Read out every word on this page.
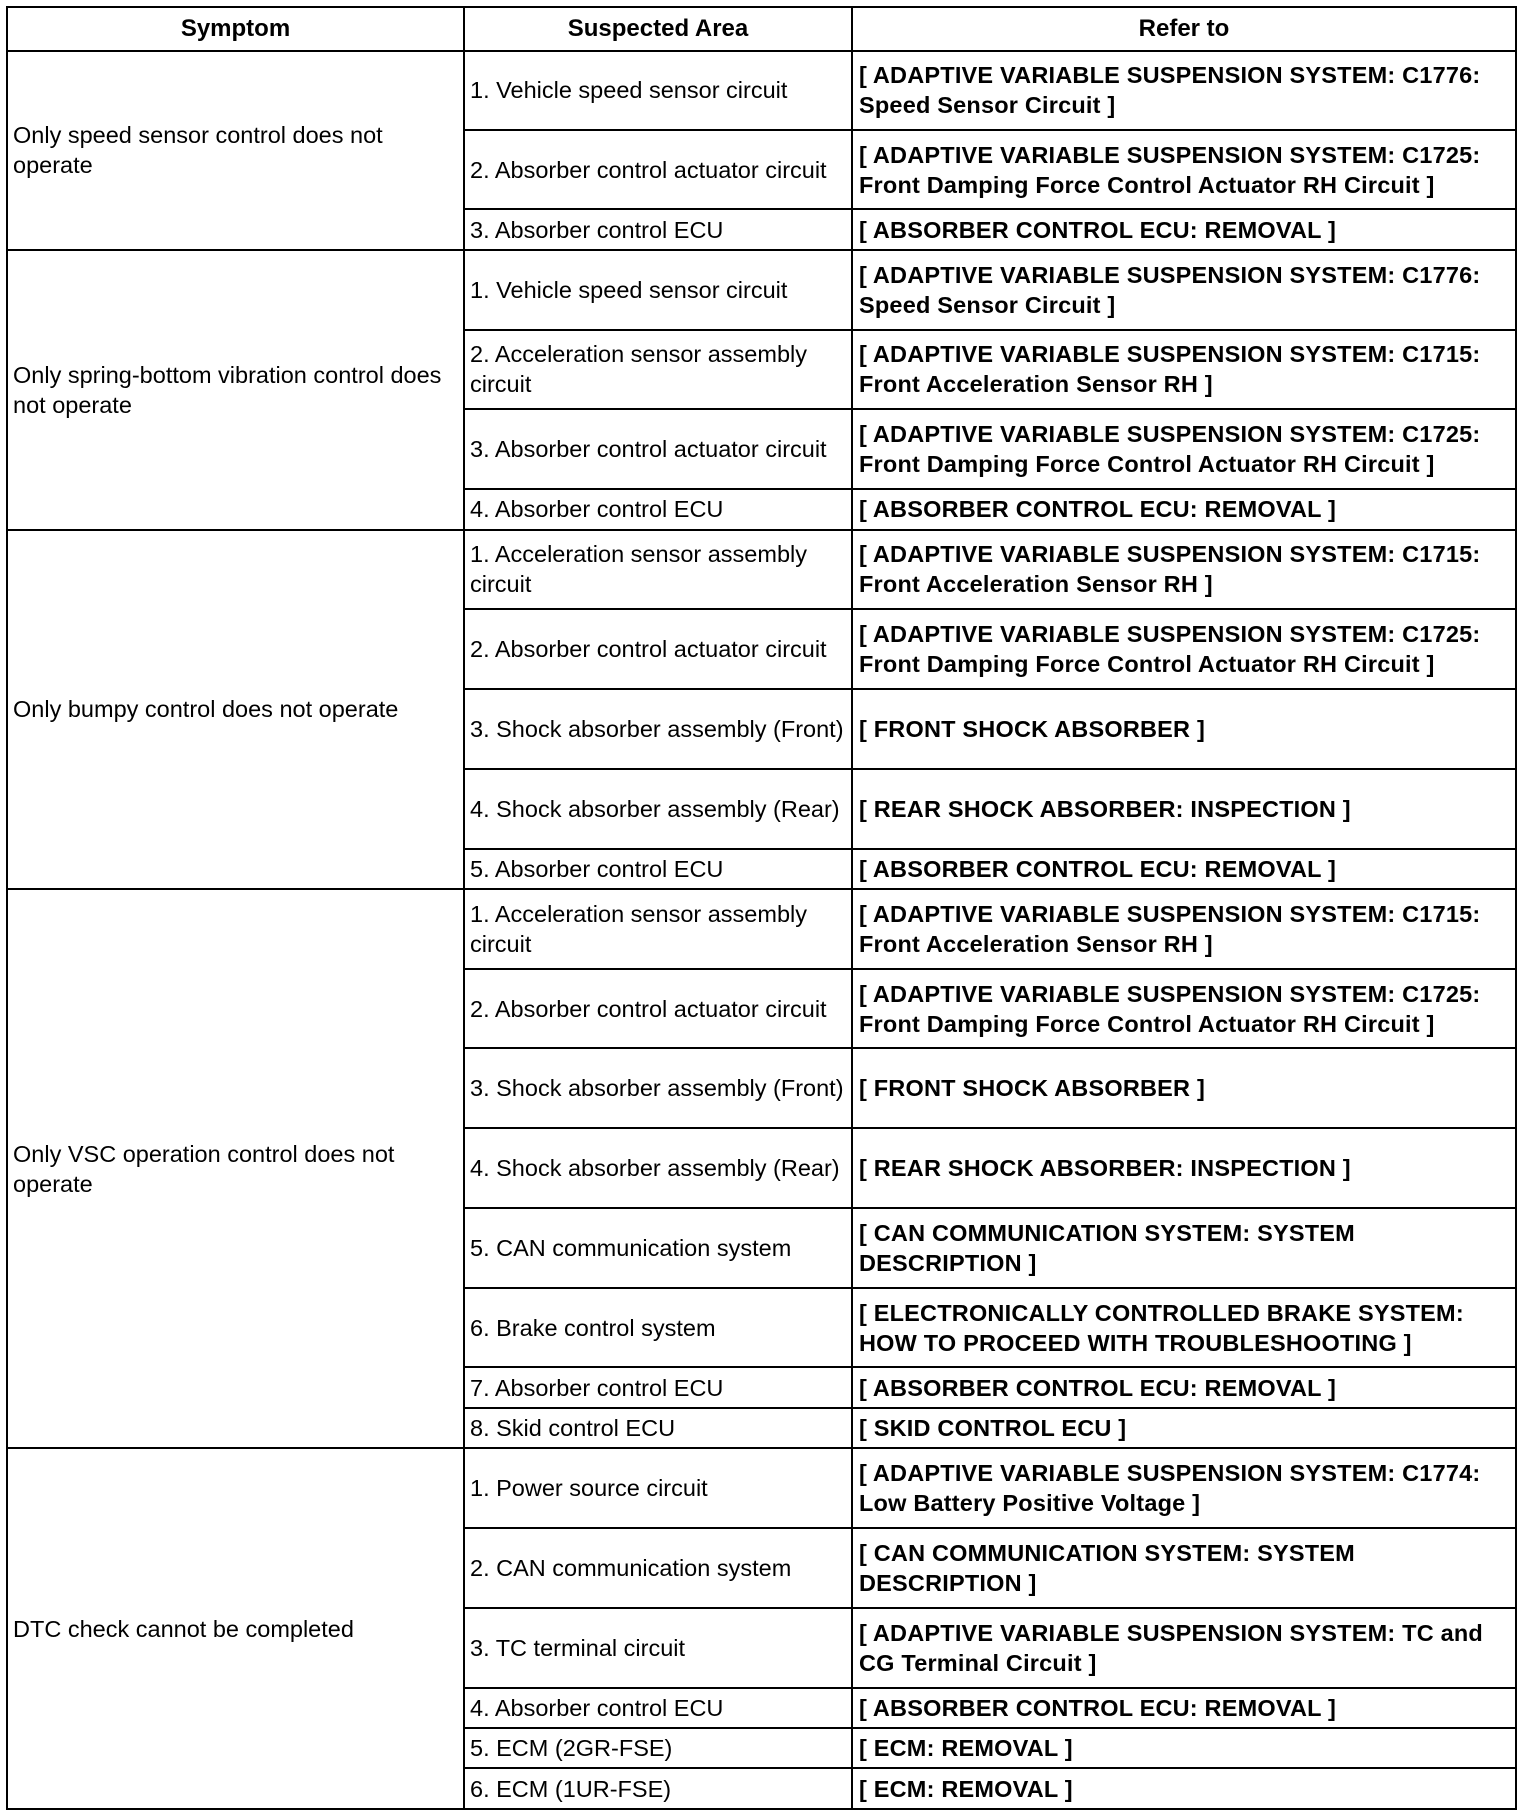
Symptom	Suspected Area	Refer to
Only speed sensor control does not operate	1. Vehicle speed sensor circuit	[ ADAPTIVE VARIABLE SUSPENSION SYSTEM: C1776: Speed Sensor Circuit ]
	2. Absorber control actuator circuit	[ ADAPTIVE VARIABLE SUSPENSION SYSTEM: C1725: Front Damping Force Control Actuator RH Circuit ]
	3. Absorber control ECU	[ ABSORBER CONTROL ECU: REMOVAL ]
Only spring-bottom vibration control does not operate	1. Vehicle speed sensor circuit	[ ADAPTIVE VARIABLE SUSPENSION SYSTEM: C1776: Speed Sensor Circuit ]
	2. Acceleration sensor assembly circuit	[ ADAPTIVE VARIABLE SUSPENSION SYSTEM: C1715: Front Acceleration Sensor RH ]
	3. Absorber control actuator circuit	[ ADAPTIVE VARIABLE SUSPENSION SYSTEM: C1725: Front Damping Force Control Actuator RH Circuit ]
	4. Absorber control ECU	[ ABSORBER CONTROL ECU: REMOVAL ]
Only bumpy control does not operate	1. Acceleration sensor assembly circuit	[ ADAPTIVE VARIABLE SUSPENSION SYSTEM: C1715: Front Acceleration Sensor RH ]
	2. Absorber control actuator circuit	[ ADAPTIVE VARIABLE SUSPENSION SYSTEM: C1725: Front Damping Force Control Actuator RH Circuit ]
	3. Shock absorber assembly (Front)	[ FRONT SHOCK ABSORBER ]
	4. Shock absorber assembly (Rear)	[ REAR SHOCK ABSORBER: INSPECTION ]
	5. Absorber control ECU	[ ABSORBER CONTROL ECU: REMOVAL ]
Only VSC operation control does not operate	1. Acceleration sensor assembly circuit	[ ADAPTIVE VARIABLE SUSPENSION SYSTEM: C1715: Front Acceleration Sensor RH ]
	2. Absorber control actuator circuit	[ ADAPTIVE VARIABLE SUSPENSION SYSTEM: C1725: Front Damping Force Control Actuator RH Circuit ]
	3. Shock absorber assembly (Front)	[ FRONT SHOCK ABSORBER ]
	4. Shock absorber assembly (Rear)	[ REAR SHOCK ABSORBER: INSPECTION ]
	5. CAN communication system	[ CAN COMMUNICATION SYSTEM: SYSTEM DESCRIPTION ]
	6. Brake control system	[ ELECTRONICALLY CONTROLLED BRAKE SYSTEM: HOW TO PROCEED WITH TROUBLESHOOTING ]
	7. Absorber control ECU	[ ABSORBER CONTROL ECU: REMOVAL ]
	8. Skid control ECU	[ SKID CONTROL ECU ]
DTC check cannot be completed	1. Power source circuit	[ ADAPTIVE VARIABLE SUSPENSION SYSTEM: C1774: Low Battery Positive Voltage ]
	2. CAN communication system	[ CAN COMMUNICATION SYSTEM: SYSTEM DESCRIPTION ]
	3. TC terminal circuit	[ ADAPTIVE VARIABLE SUSPENSION SYSTEM: TC and CG Terminal Circuit ]
	4. Absorber control ECU	[ ABSORBER CONTROL ECU: REMOVAL ]
	5. ECM (2GR-FSE)	[ ECM: REMOVAL ]
	6. ECM (1UR-FSE)	[ ECM: REMOVAL ]
